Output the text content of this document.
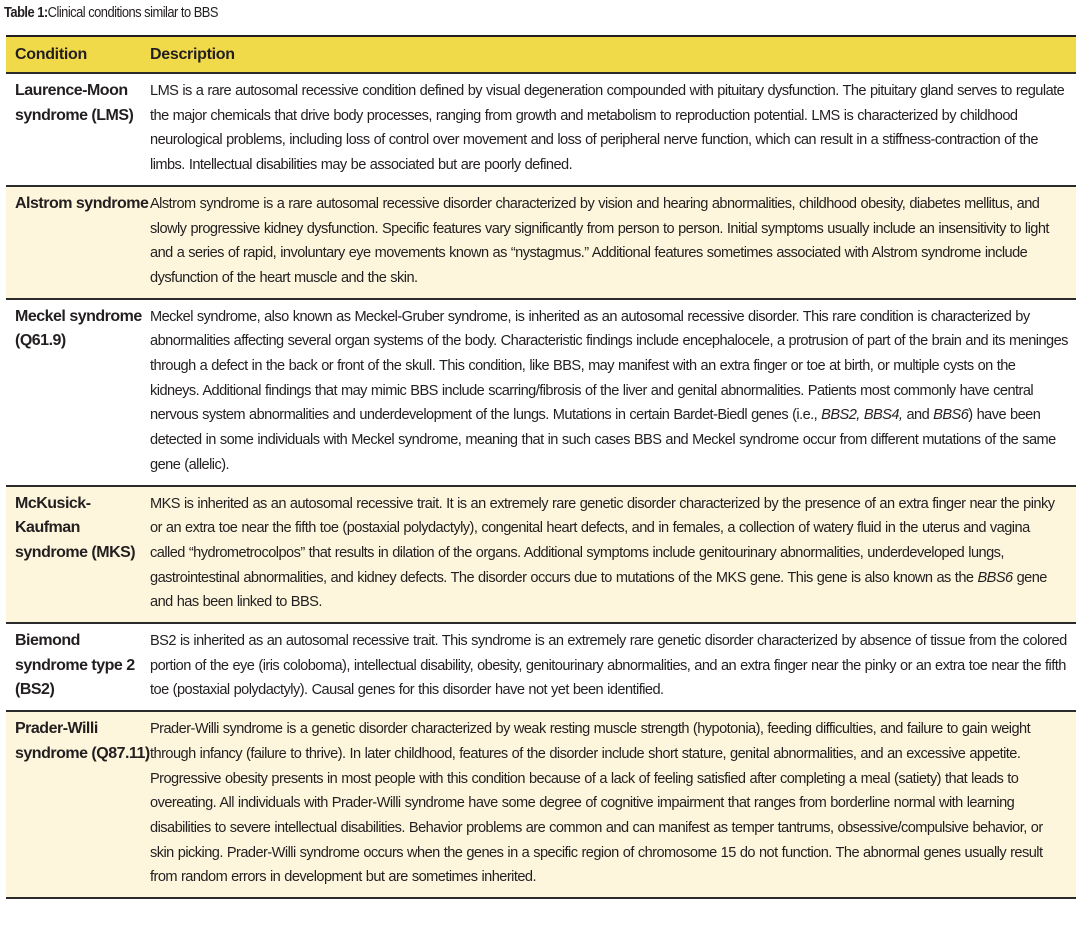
Table 1:Clinical conditions similar to BBS
Condition	Description
Laurence-Moon syndrome (LMS)
LMS is a rare autosomal recessive condition defined by visual degeneration compounded with pituitary dysfunction. The pituitary gland serves to regulate the major chemicals that drive body processes, ranging from growth and metabolism to reproduction potential. LMS is characterized by childhood neurological problems, including loss of control over movement and loss of peripheral nerve function, which can result in a stiffness-contraction of the limbs. Intellectual disabilities may be associated but are poorly defined.
Alstrom syndrome Alstrom syndrome is a rare autosomal recessive disorder characterized by vision and hearing abnormalities, childhood obesity, diabetes mellitus, and slowly progressive kidney dysfunction. Specific features vary significantly from person to person. Initial symptoms usually include an insensitivity to light and a series of rapid, involuntary eye movements known as “nystagmus.” Additional features sometimes associated with Alstrom syndrome include dysfunction of the heart muscle and the skin.
Meckel syndrome (Q61.9)
Meckel syndrome, also known as Meckel-Gruber syndrome, is inherited as an autosomal recessive disorder. This rare condition is characterized by abnormalities affecting several organ systems of the body. Characteristic findings include encephalocele, a protrusion of part of the brain and its meninges through a defect in the back or front of the skull. This condition, like BBS, may manifest with an extra finger or toe at birth, or multiple cysts on the kidneys. Additional findings that may mimic BBS include scarring/fibrosis of the liver and genital abnormalities. Patients most commonly have central nervous system abnormalities and underdevelopment of the lungs. Mutations in certain Bardet-Biedl genes (i.e., BBS2, BBS4, and BBS6) have been detected in some individuals with Meckel syndrome, meaning that in such cases BBS and Meckel syndrome occur from different mutations of the same gene (allelic).
McKusick-Kaufman syndrome (MKS)
MKS is inherited as an autosomal recessive trait. It is an extremely rare genetic disorder characterized by the presence of an extra finger near the pinky or an extra toe near the fifth toe (postaxial polydactyly), congenital heart defects, and in females, a collection of watery fluid in the uterus and vagina called “hydrometrocolpos” that results in dilation of the organs. Additional symptoms include genitourinary abnormalities, underdeveloped lungs, gastrointestinal abnormalities, and kidney defects. The disorder occurs due to mutations of the MKS gene. This gene is also known as the BBS6 gene and has been linked to BBS.
Biemond syndrome type 2 (BS2)
BS2 is inherited as an autosomal recessive trait. This syndrome is an extremely rare genetic disorder characterized by absence of tissue from the colored portion of the eye (iris coloboma), intellectual disability, obesity, genitourinary abnormalities, and an extra finger near the pinky or an extra toe near the fifth toe (postaxial polydactyly). Causal genes for this disorder have not yet been identified.
Prader-Willi syndrome (Q87.11)
Prader-Willi syndrome is a genetic disorder characterized by weak resting muscle strength (hypotonia), feeding difficulties, and failure to gain weight through infancy (failure to thrive). In later childhood, features of the disorder include short stature, genital abnormalities, and an excessive appetite. Progressive obesity presents in most people with this condition because of a lack of feeling satisfied after completing a meal (satiety) that leads to overeating. All individuals with Prader-Willi syndrome have some degree of cognitive impairment that ranges from borderline normal with learning disabilities to severe intellectual disabilities. Behavior problems are common and can manifest as temper tantrums, obsessive/compulsive behavior, or skin picking. Prader-Willi syndrome occurs when the genes in a specific region of chromosome 15 do not function. The abnormal genes usually result from random errors in development but are sometimes inherited.
